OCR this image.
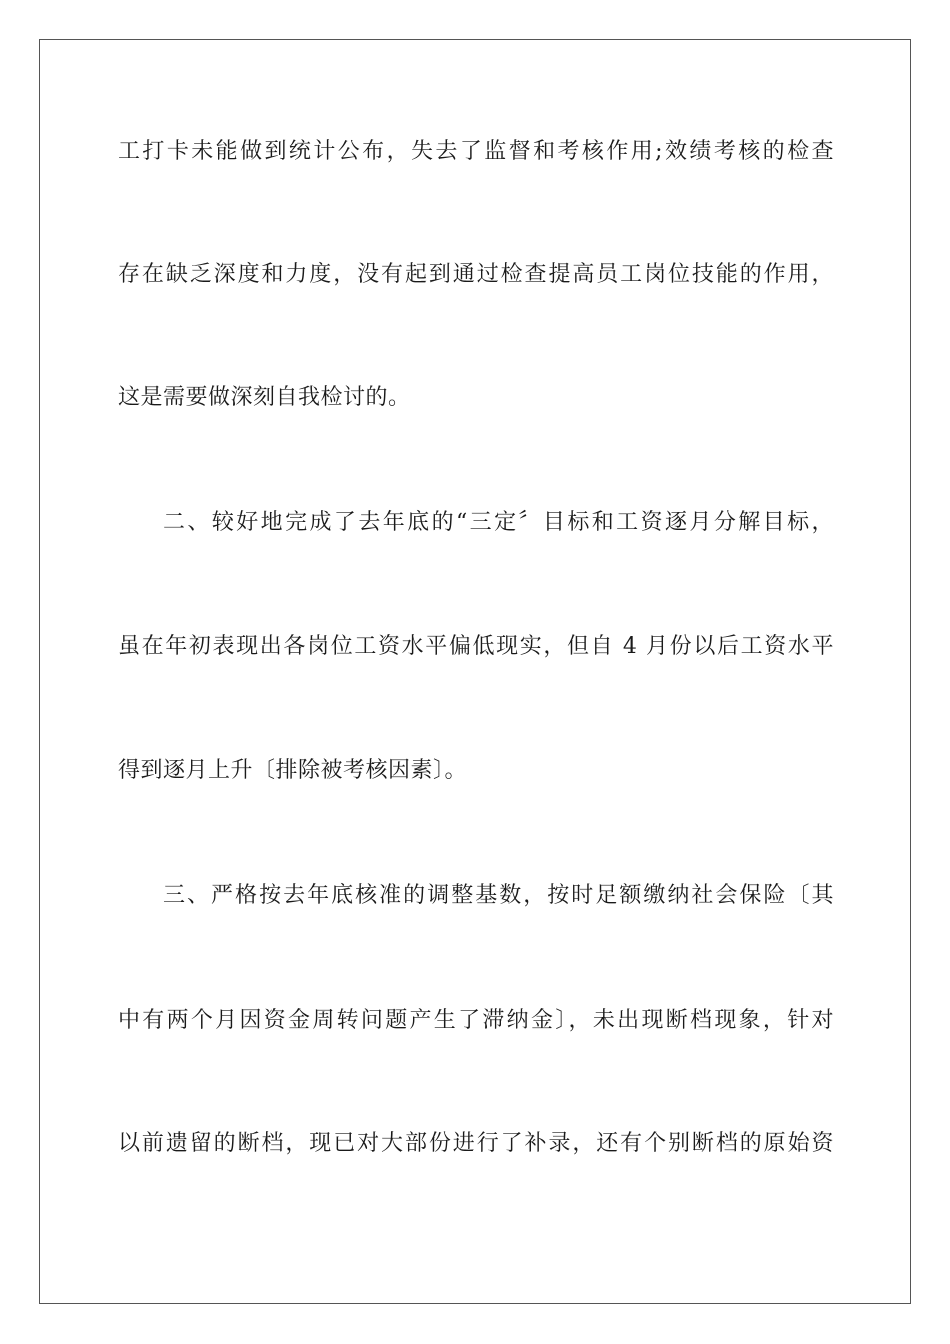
工打卡未能做到统计公布，失去了监督和考核作用;效绩考核的检查
存在缺乏深度和力度，没有起到通过检查提高员工岗位技能的作用，
这是需要做深刻自我检讨的。
二、较好地完成了去年底的“三定〞目标和工资逐月分解目标，
虽在年初表现出各岗位工资水平偏低现实，但自 4 月份以后工资水平
得到逐月上升〔排除被考核因素〕。
三、严格按去年底核准的调整基数，按时足额缴纳社会保险〔其
中有两个月因资金周转问题产生了滞纳金〕，未出现断档现象，针对
以前遗留的断档，现已对大部份进行了补录，还有个别断档的原始资
